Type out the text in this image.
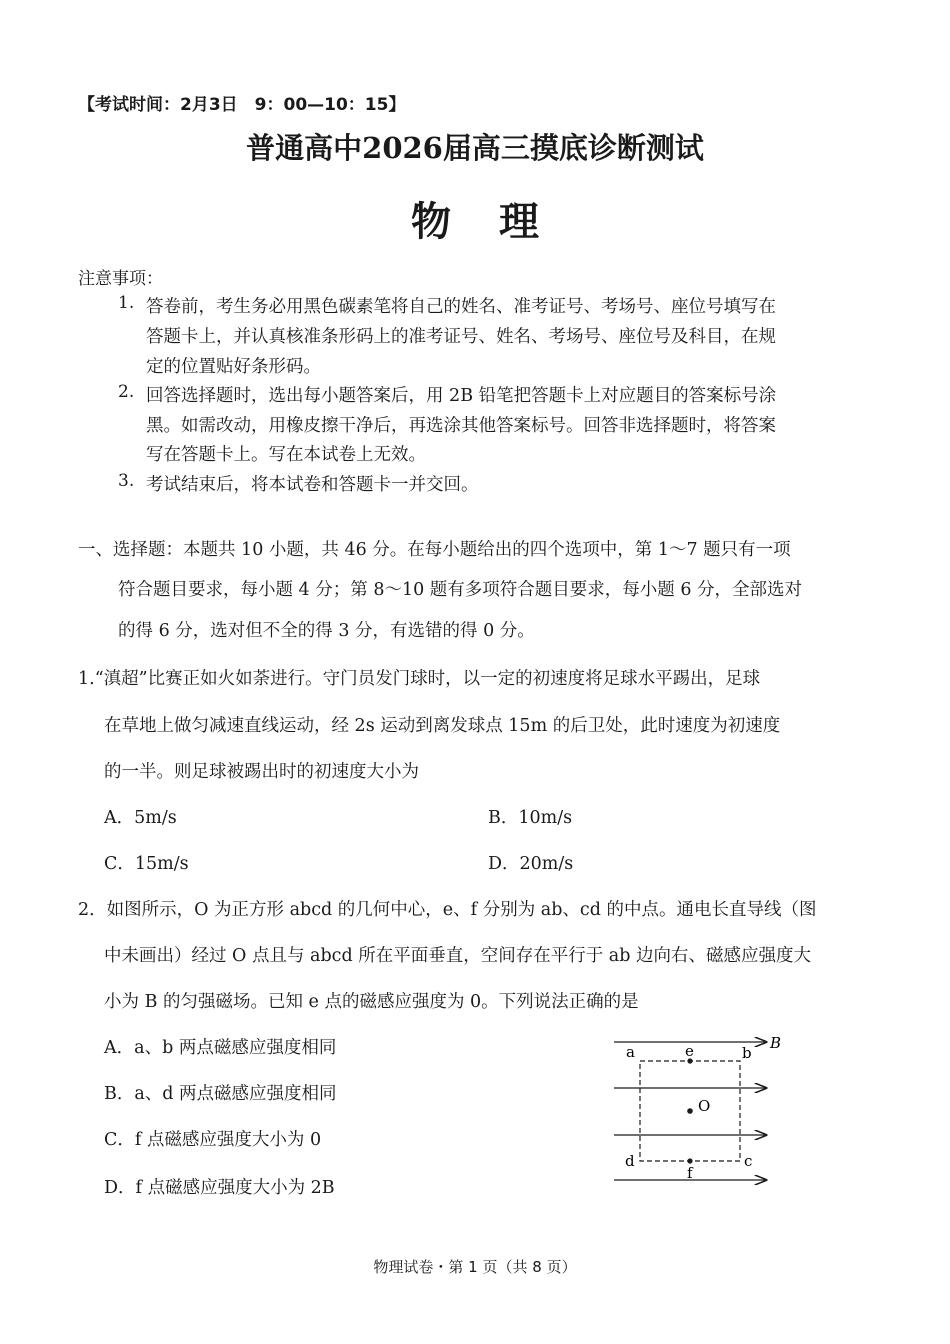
【考试时间：2月3日　9：00—10：15】
普通高中2026届高三摸底诊断测试
物理
注意事项：
1. 答卷前，考生务必用黑色碳素笔将自己的姓名、准考证号、考场号、座位号填写在
答题卡上，并认真核准条形码上的准考证号、姓名、考场号、座位号及科目，在规
定的位置贴好条形码。
2. 回答选择题时，选出每小题答案后，用 2B 铅笔把答题卡上对应题目的答案标号涂
黑。如需改动，用橡皮擦干净后，再选涂其他答案标号。回答非选择题时，将答案
写在答题卡上。写在本试卷上无效。
3. 考试结束后，将本试卷和答题卡一并交回。
一、选择题：本题共 10 小题，共 46 分。在每小题给出的四个选项中，第 1～7 题只有一项
符合题目要求，每小题 4 分；第 8～10 题有多项符合题目要求，每小题 6 分，全部选对
的得 6 分，选对但不全的得 3 分，有选错的得 0 分。
1.“滇超”比赛正如火如荼进行。守门员发门球时，以一定的初速度将足球水平踢出，足球
在草地上做匀减速直线运动，经 2s 运动到离发球点 15m 的后卫处，此时速度为初速度
的一半。则足球被踢出时的初速度大小为
A．5m/s	B．10m/s
C．15m/s	D．20m/s
2．如图所示，O 为正方形 abcd 的几何中心，e、f 分别为 ab、cd 的中点。通电长直导线（图
中未画出）经过 O 点且与 abcd 所在平面垂直，空间存在平行于 ab 边向右、磁感应强度大
小为 B 的匀强磁场。已知 e 点的磁感应强度为 0。下列说法正确的是
A．a、b 两点磁感应强度相同
B．a、d 两点磁感应强度相同
C．f 点磁感应强度大小为 0
D．f 点磁感应强度大小为 2B
a	e	b
B
O
d
f
c
物理试卷・第 1 页（共 8 页）
